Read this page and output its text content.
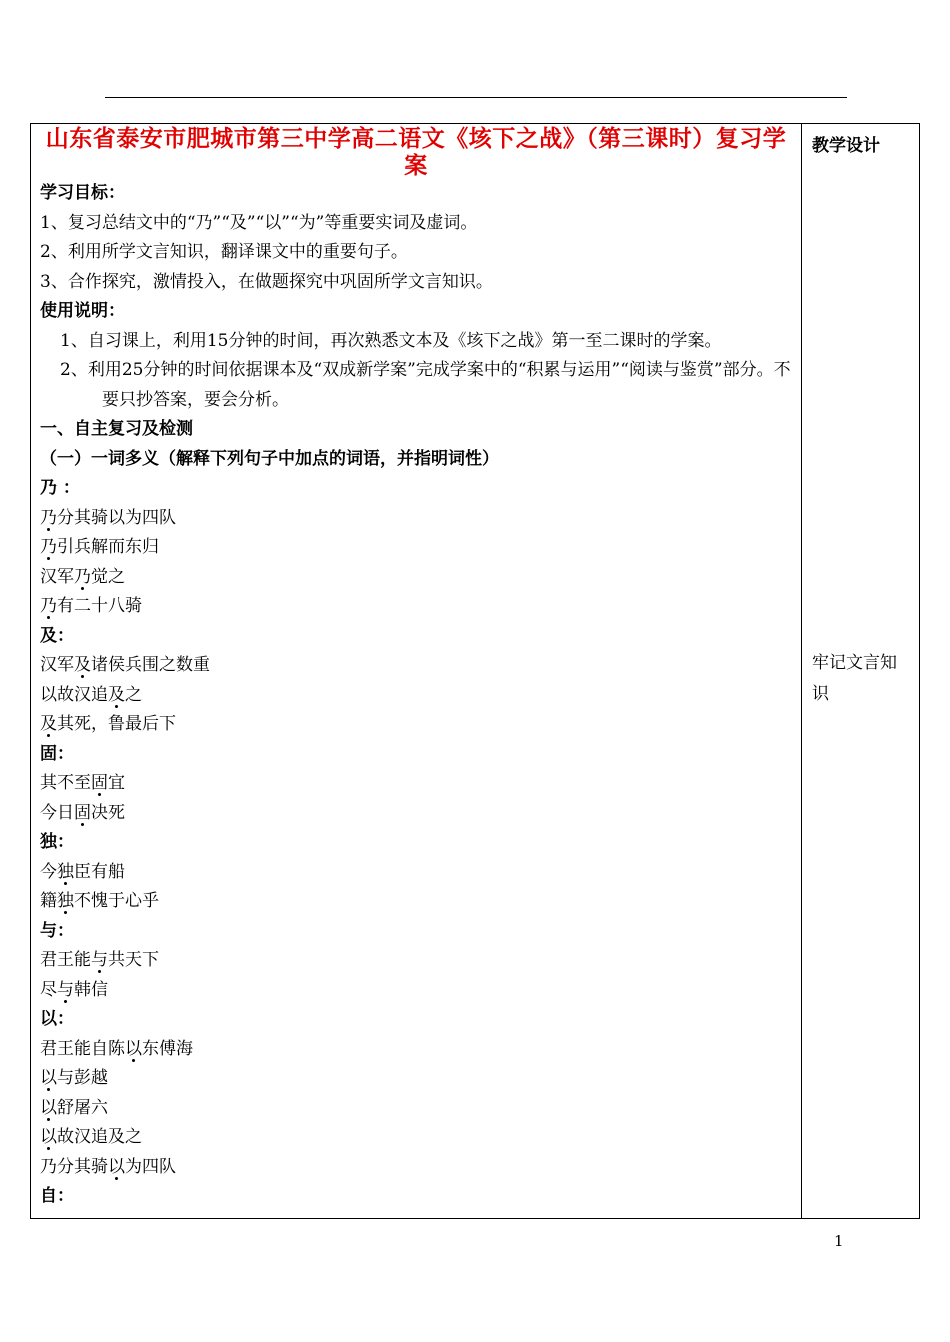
山东省泰安市肥城市第三中学高二语文《垓下之战》（第三课时）复习学案
学习目标：
1、复习总结文中的“乃”“及”“以”“为”等重要实词及虚词。
2、利用所学文言知识，翻译课文中的重要句子。
3、合作探究，激情投入，在做题探究中巩固所学文言知识。
使用说明：
1、自习课上，利用15分钟的时间，再次熟悉文本及《垓下之战》第一至二课时的学案。
2、利用25分钟的时间依据课本及“双成新学案”完成学案中的“积累与运用”“阅读与鉴赏”部分。不要只抄答案，要会分析。
一、自主复习及检测
（一）一词多义（解释下列句子中加点的词语，并指明词性）
乃 ：
乃分其骑以为四队
乃引兵解而东归
汉军乃觉之
乃有二十八骑
及：
汉军及诸侯兵围之数重
以故汉追及之
及其死，鲁最后下
固：
其不至固宜
今日固决死
独：
今独臣有船
籍独不愧于心乎
与：
君王能与共天下
尽与韩信
以：
君王能自陈以东傅海
以与彭越
以舒屠六
以故汉追及之
乃分其骑以为四队
自：
教学设计
牢记文言知识
1
